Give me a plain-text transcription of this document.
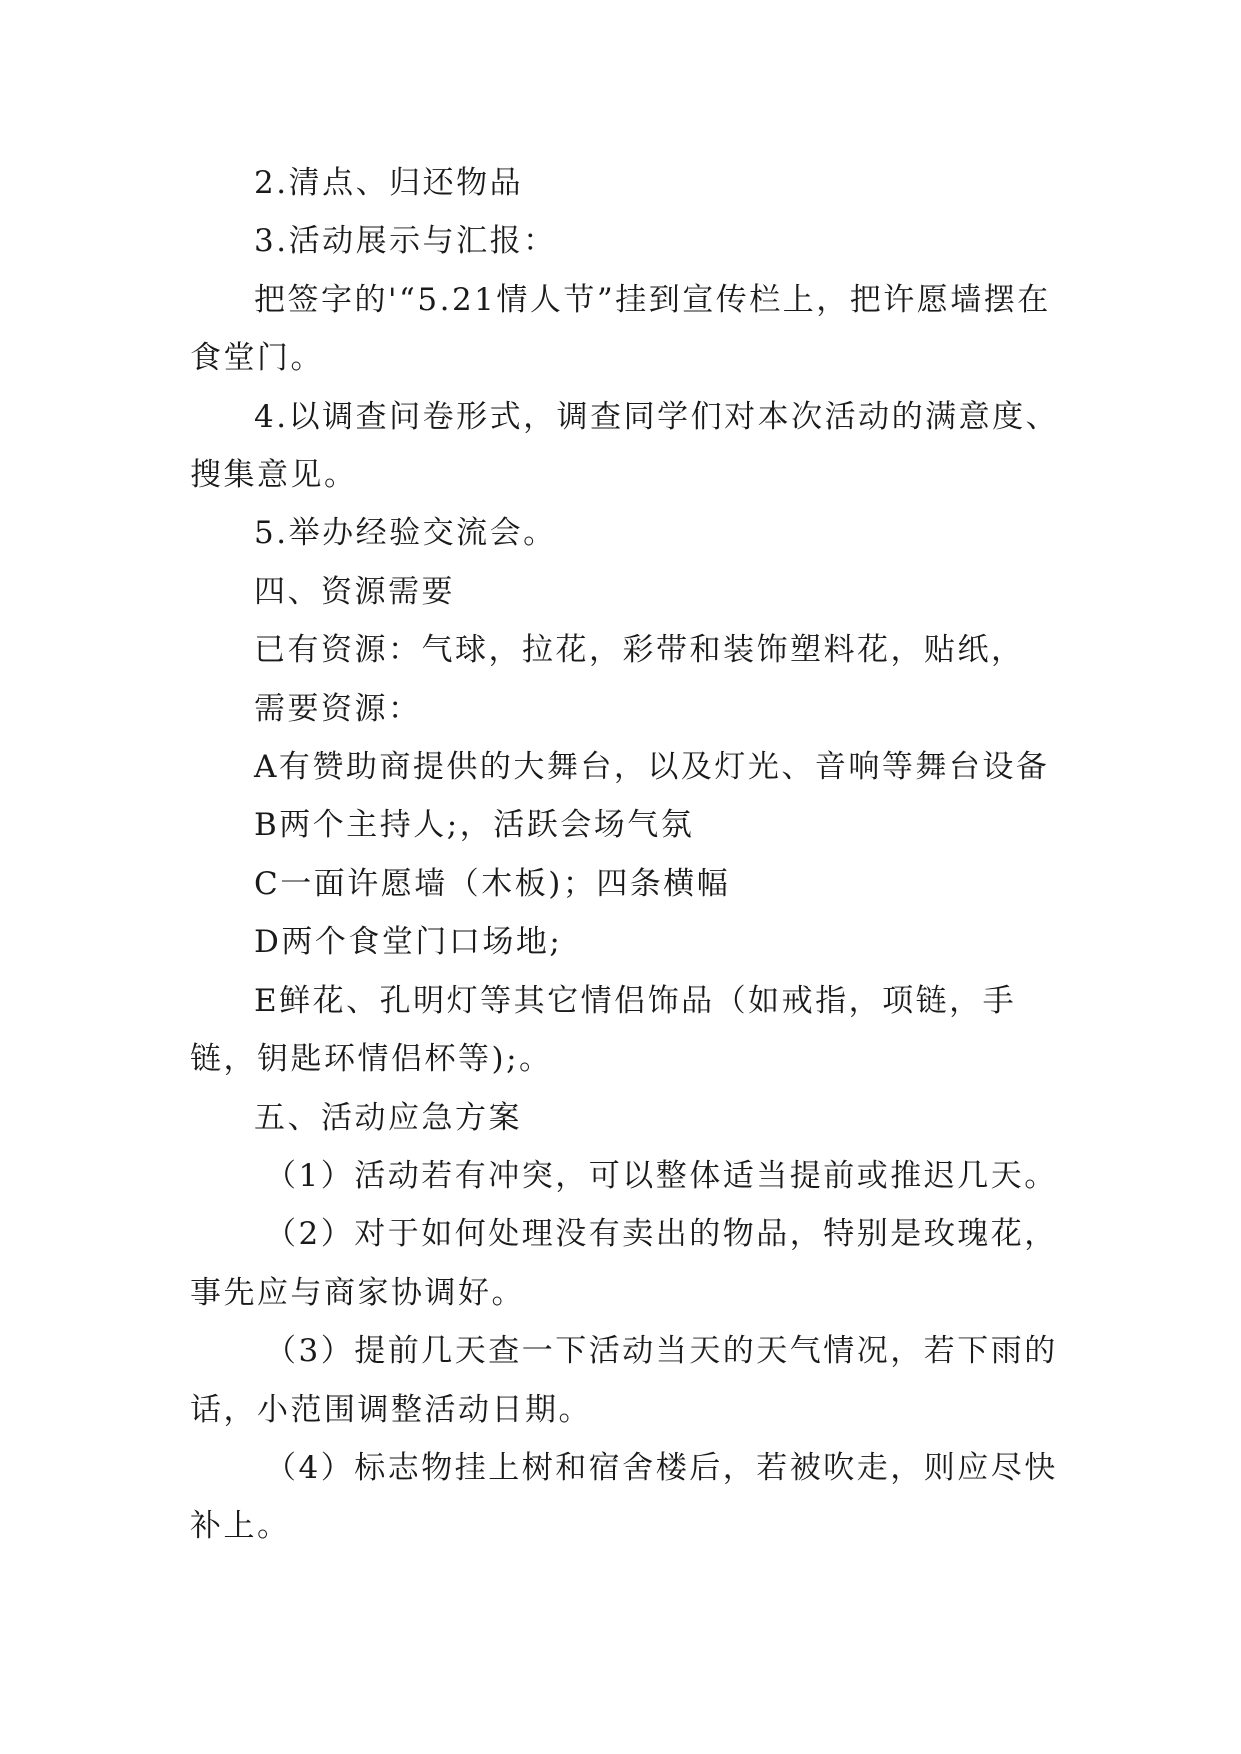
2.清点、归还物品

3.活动展示与汇报：

把签字的'“5.21情人节”挂到宣传栏上，把许愿墙摆在食堂门。

4.以调查问卷形式，调查同学们对本次活动的满意度、搜集意见。

5.举办经验交流会。

四、资源需要

已有资源：气球，拉花，彩带和装饰塑料花，贴纸，

需要资源：

A有赞助商提供的大舞台，以及灯光、音响等舞台设备

B两个主持人;，活跃会场气氛

C一面许愿墙（木板)；四条横幅

D两个食堂门口场地;

E鲜花、孔明灯等其它情侣饰品（如戒指，项链，手链，钥匙环情侣杯等);。

五、活动应急方案

（1）活动若有冲突，可以整体适当提前或推迟几天。

（2）对于如何处理没有卖出的物品，特别是玫瑰花，事先应与商家协调好。

（3）提前几天查一下活动当天的天气情况，若下雨的话，小范围调整活动日期。

（4）标志物挂上树和宿舍楼后，若被吹走，则应尽快补上。
